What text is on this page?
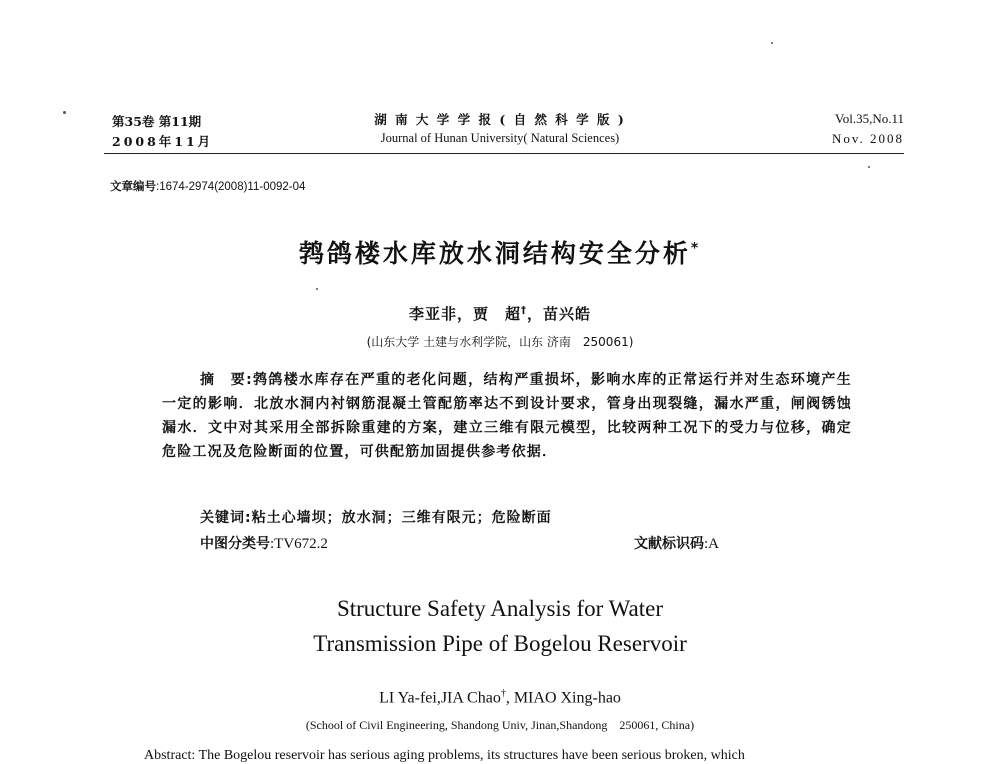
第35卷 第11期
2008年11月
湖 南 大 学 学 报 ( 自 然 科 学 版 )
Journal of Hunan University( Natural Sciences)
Vol.35,No.11
Nov. 2008
文章编号:1674-2974(2008)11-0092-04
鹁鸽楼水库放水洞结构安全分析*
李亚非，贾　超†，苗兴皓
(山东大学 土建与水利学院，山东 济南　250061)
摘　要:鹁鸽楼水库存在严重的老化问题，结构严重损坏，影响水库的正常运行并对生态环境产生一定的影响．北放水洞内衬钢筋混凝土管配筋率达不到设计要求，管身出现裂缝，漏水严重，闸阀锈蚀漏水．文中对其采用全部拆除重建的方案，建立三维有限元模型，比较两种工况下的受力与位移，确定危险工况及危险断面的位置，可供配筋加固提供参考依据．
关键词:粘土心墙坝；放水洞；三维有限元；危险断面
中图分类号:TV672.2	文献标识码:A
Structure Safety Analysis for Water
Transmission Pipe of Bogelou Reservoir
LI Ya-fei,JIA Chao†, MIAO Xing-hao
(School of Civil Engineering, Shandong Univ, Jinan,Shandong　250061, China)
Abstract: The Bogelou reservoir has serious aging problems, its structures have been serious broken, which
